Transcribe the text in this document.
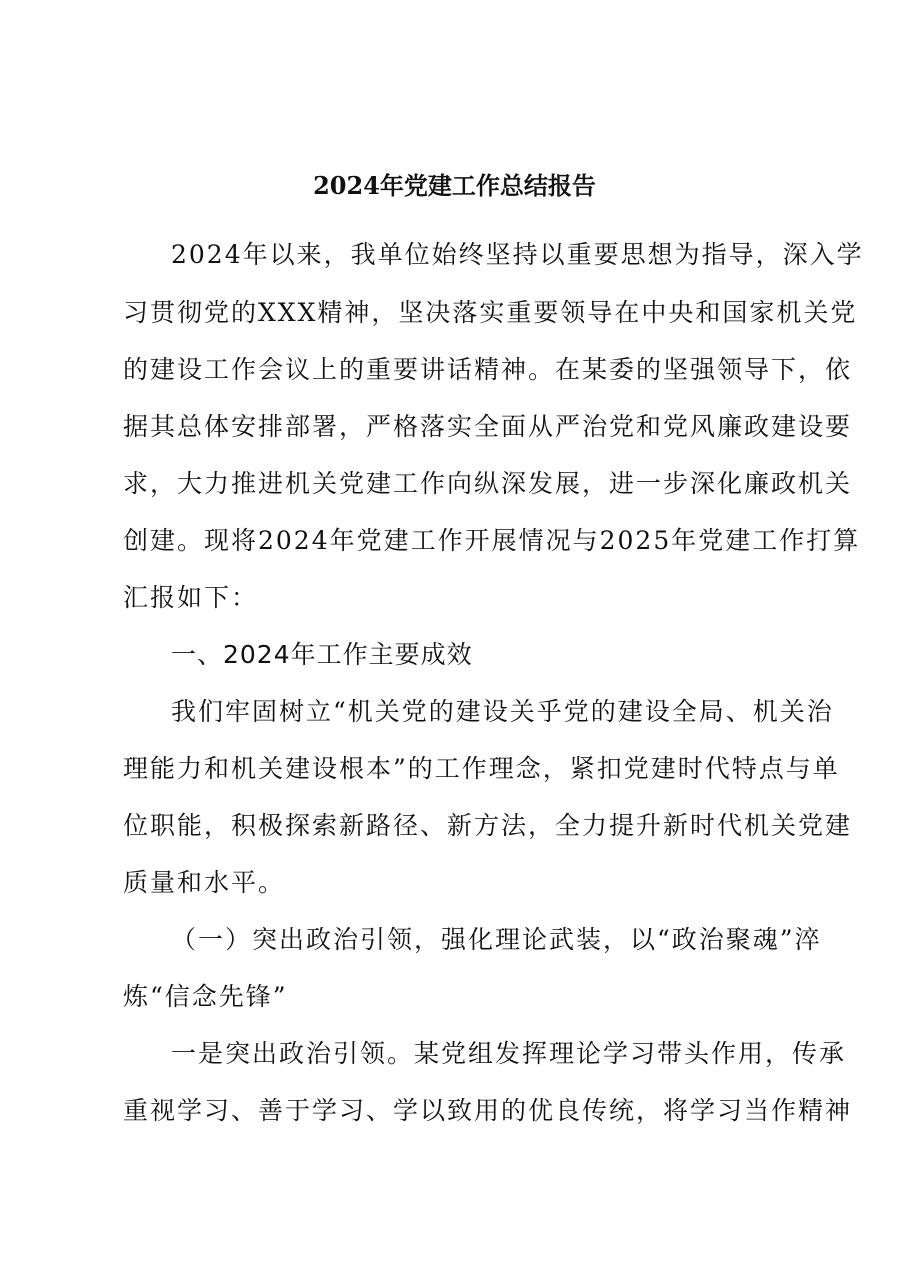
2024年党建工作总结报告
2024年以来，我单位始终坚持以重要思想为指导，深入学
习贯彻党的XXX精神，坚决落实重要领导在中央和国家机关党
的建设工作会议上的重要讲话精神。在某委的坚强领导下，依
据其总体安排部署，严格落实全面从严治党和党风廉政建设要
求，大力推进机关党建工作向纵深发展，进一步深化廉政机关
创建。现将2024年党建工作开展情况与2025年党建工作打算
汇报如下：
一、2024年工作主要成效
我们牢固树立“机关党的建设关乎党的建设全局、机关治
理能力和机关建设根本”的工作理念，紧扣党建时代特点与单
位职能，积极探索新路径、新方法，全力提升新时代机关党建
质量和水平。
（一）突出政治引领，强化理论武装，以“政治聚魂”淬
炼“信念先锋”
一是突出政治引领。某党组发挥理论学习带头作用，传承
重视学习、善于学习、学以致用的优良传统，将学习当作精神
